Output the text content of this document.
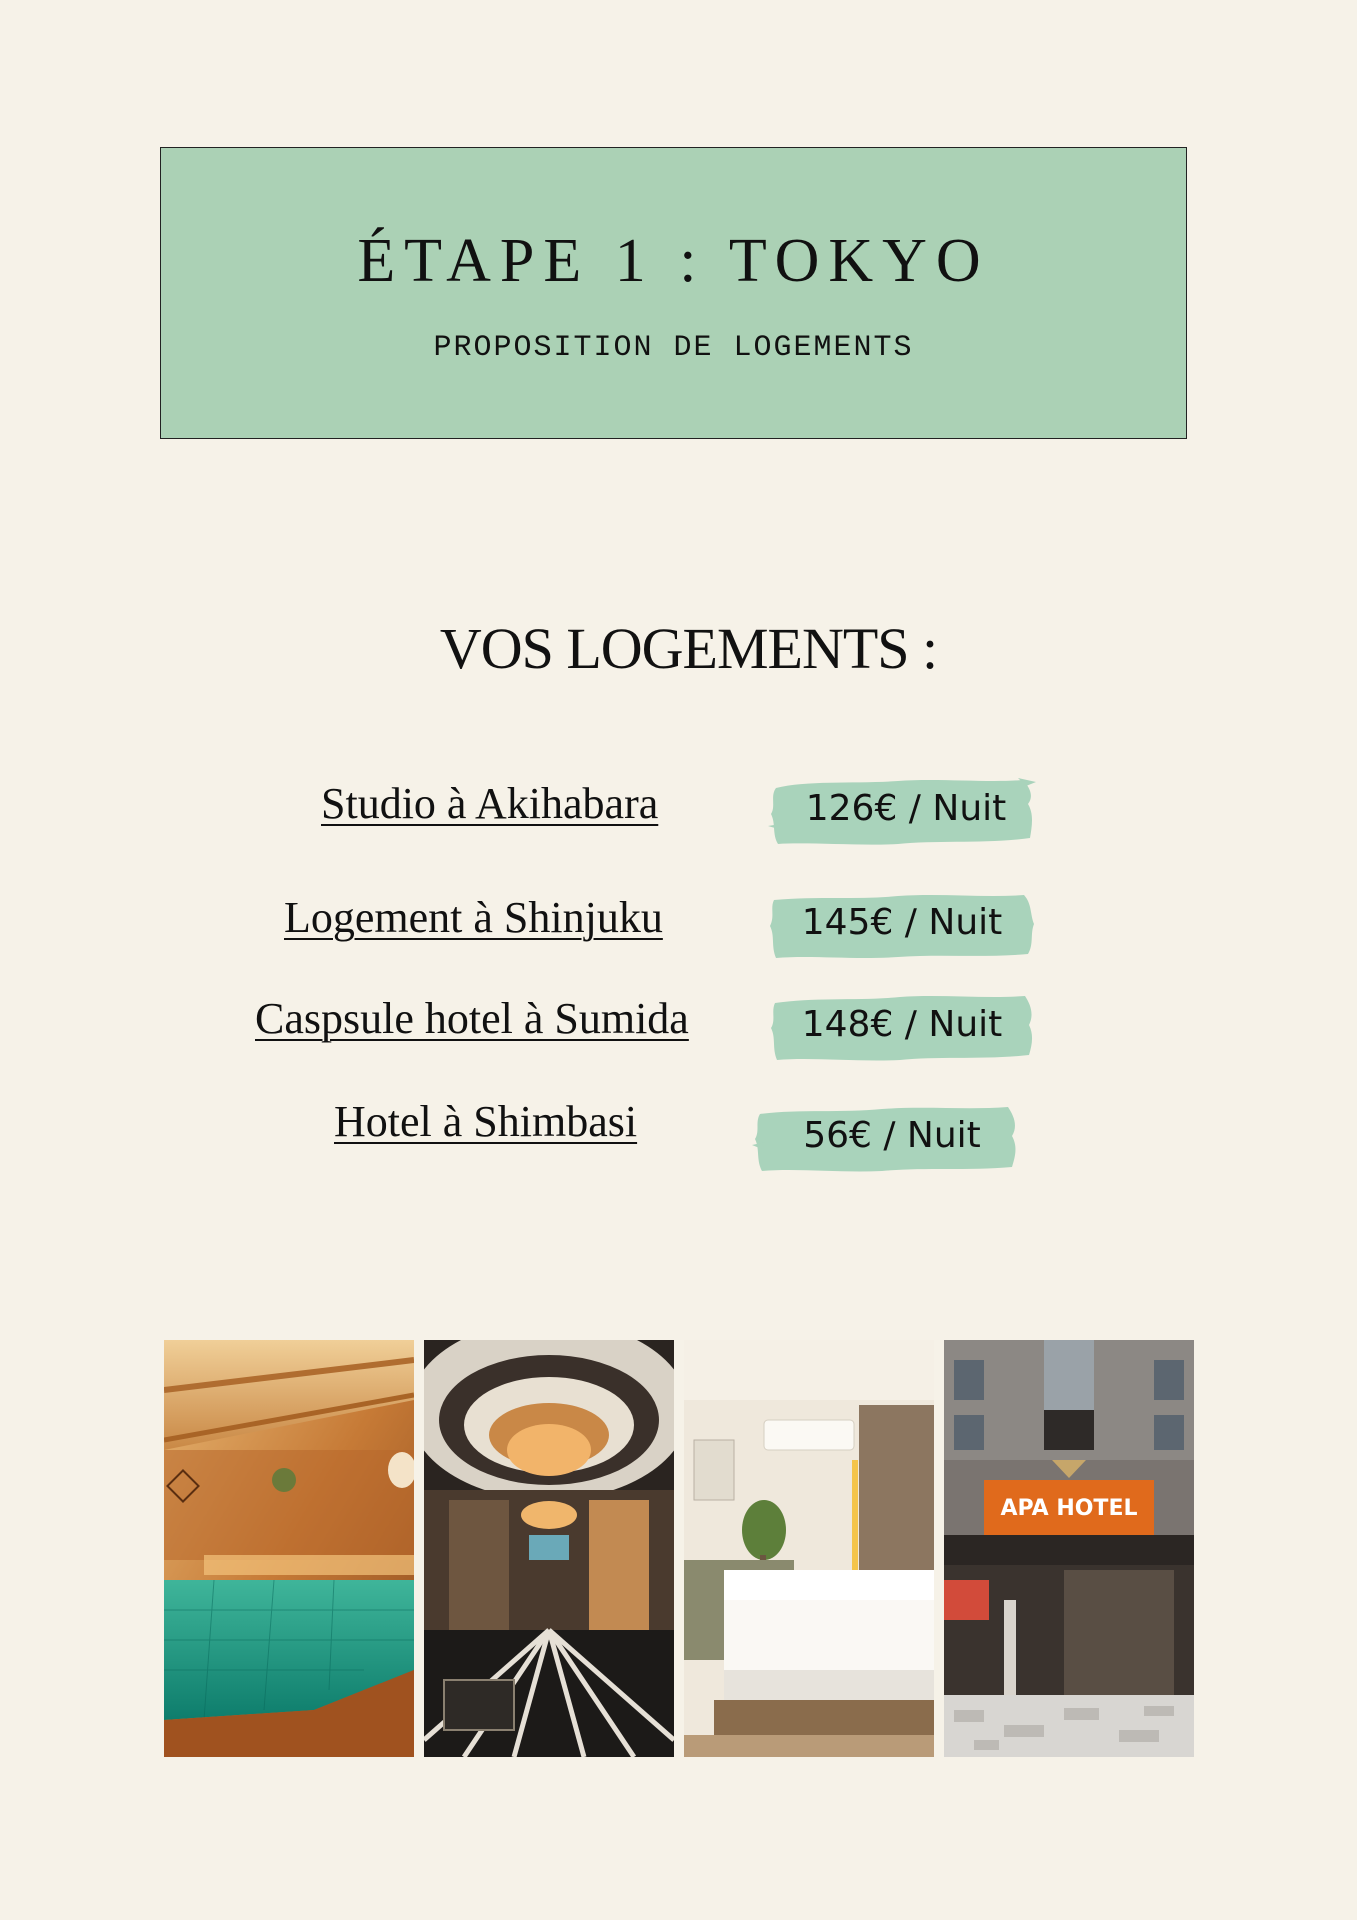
ÉTAPE 1 : TOKYO
PROPOSITION DE LOGEMENTS
VOS LOGEMENTS :
Studio à Akihabara	126€ / Nuit
Logement à Shinjuku	145€ / Nuit
Caspsule hotel à Sumida	148€ / Nuit
Hotel à Shimbasi	56€ / Nuit
APA HOTEL
